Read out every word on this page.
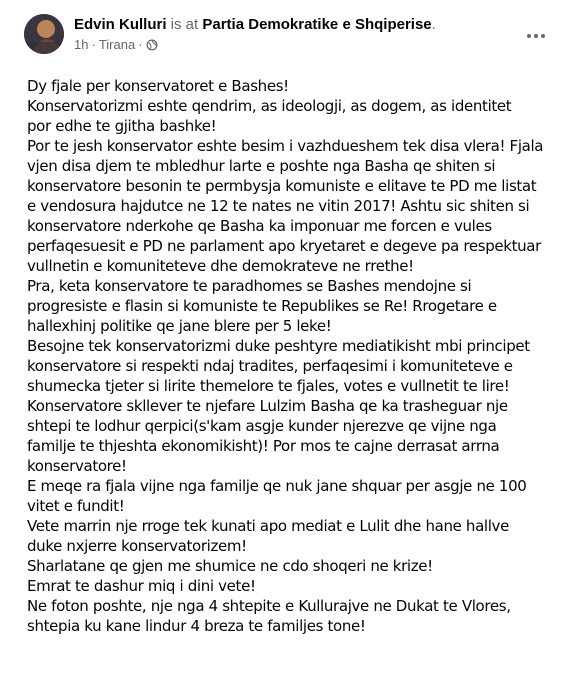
Edvin Kulluri is at Partia Demokratike e Shqiperise.
1h · Tirana ·

Dy fjale per konservatoret e Bashes!

Konservatorizmi eshte qendrim, as ideologji, as dogem, as identitet

por edhe te gjitha bashke!

Por te jesh konservator eshte besim i vazhdueshem tek disa vlera! Fjala

vjen disa djem te mbledhur larte e poshte nga Basha qe shiten si

konservatore besonin te permbysja komuniste e elitave te PD me listat

e vendosura hajdutce ne 12 te nates ne vitin 2017! Ashtu sic shiten si

konservatore nderkohe qe Basha ka imponuar me forcen e vules

perfaqesuesit e PD ne parlament apo kryetaret e degeve pa respektuar

vullnetin e komuniteteve dhe demokrateve ne rrethe!

Pra, keta konservatore te paradhomes se Bashes mendojne si

progresiste e flasin si komuniste te Republikes se Re! Rrogetare e

hallexhinj politike qe jane blere per 5 leke!

Besojne tek konservatorizmi duke peshtyre mediatikisht mbi principet

konservatore si respekti ndaj tradites, perfaqesimi i komuniteteve e

shumecka tjeter si lirite themelore te fjales, votes e vullnetit te lire!

Konservatore skllever te njefare Lulzim Basha qe ka trasheguar nje

shtepi te lodhur qerpici(s'kam asgje kunder njerezve qe vijne nga

familje te thjeshta ekonomikisht)! Por mos te cajne derrasat arrna

konservatore!

E meqe ra fjala vijne nga familje qe nuk jane shquar per asgje ne 100

vitet e fundit!

Vete marrin nje rroge tek kunati apo mediat e Lulit dhe hane hallve

duke nxjerre konservatorizem!

Sharlatane qe gjen me shumice ne cdo shoqeri ne krize!

Emrat te dashur miq i dini vete!

Ne foton poshte, nje nga 4 shtepite e Kullurajve ne Dukat te Vlores,

shtepia ku kane lindur 4 breza te familjes tone!
